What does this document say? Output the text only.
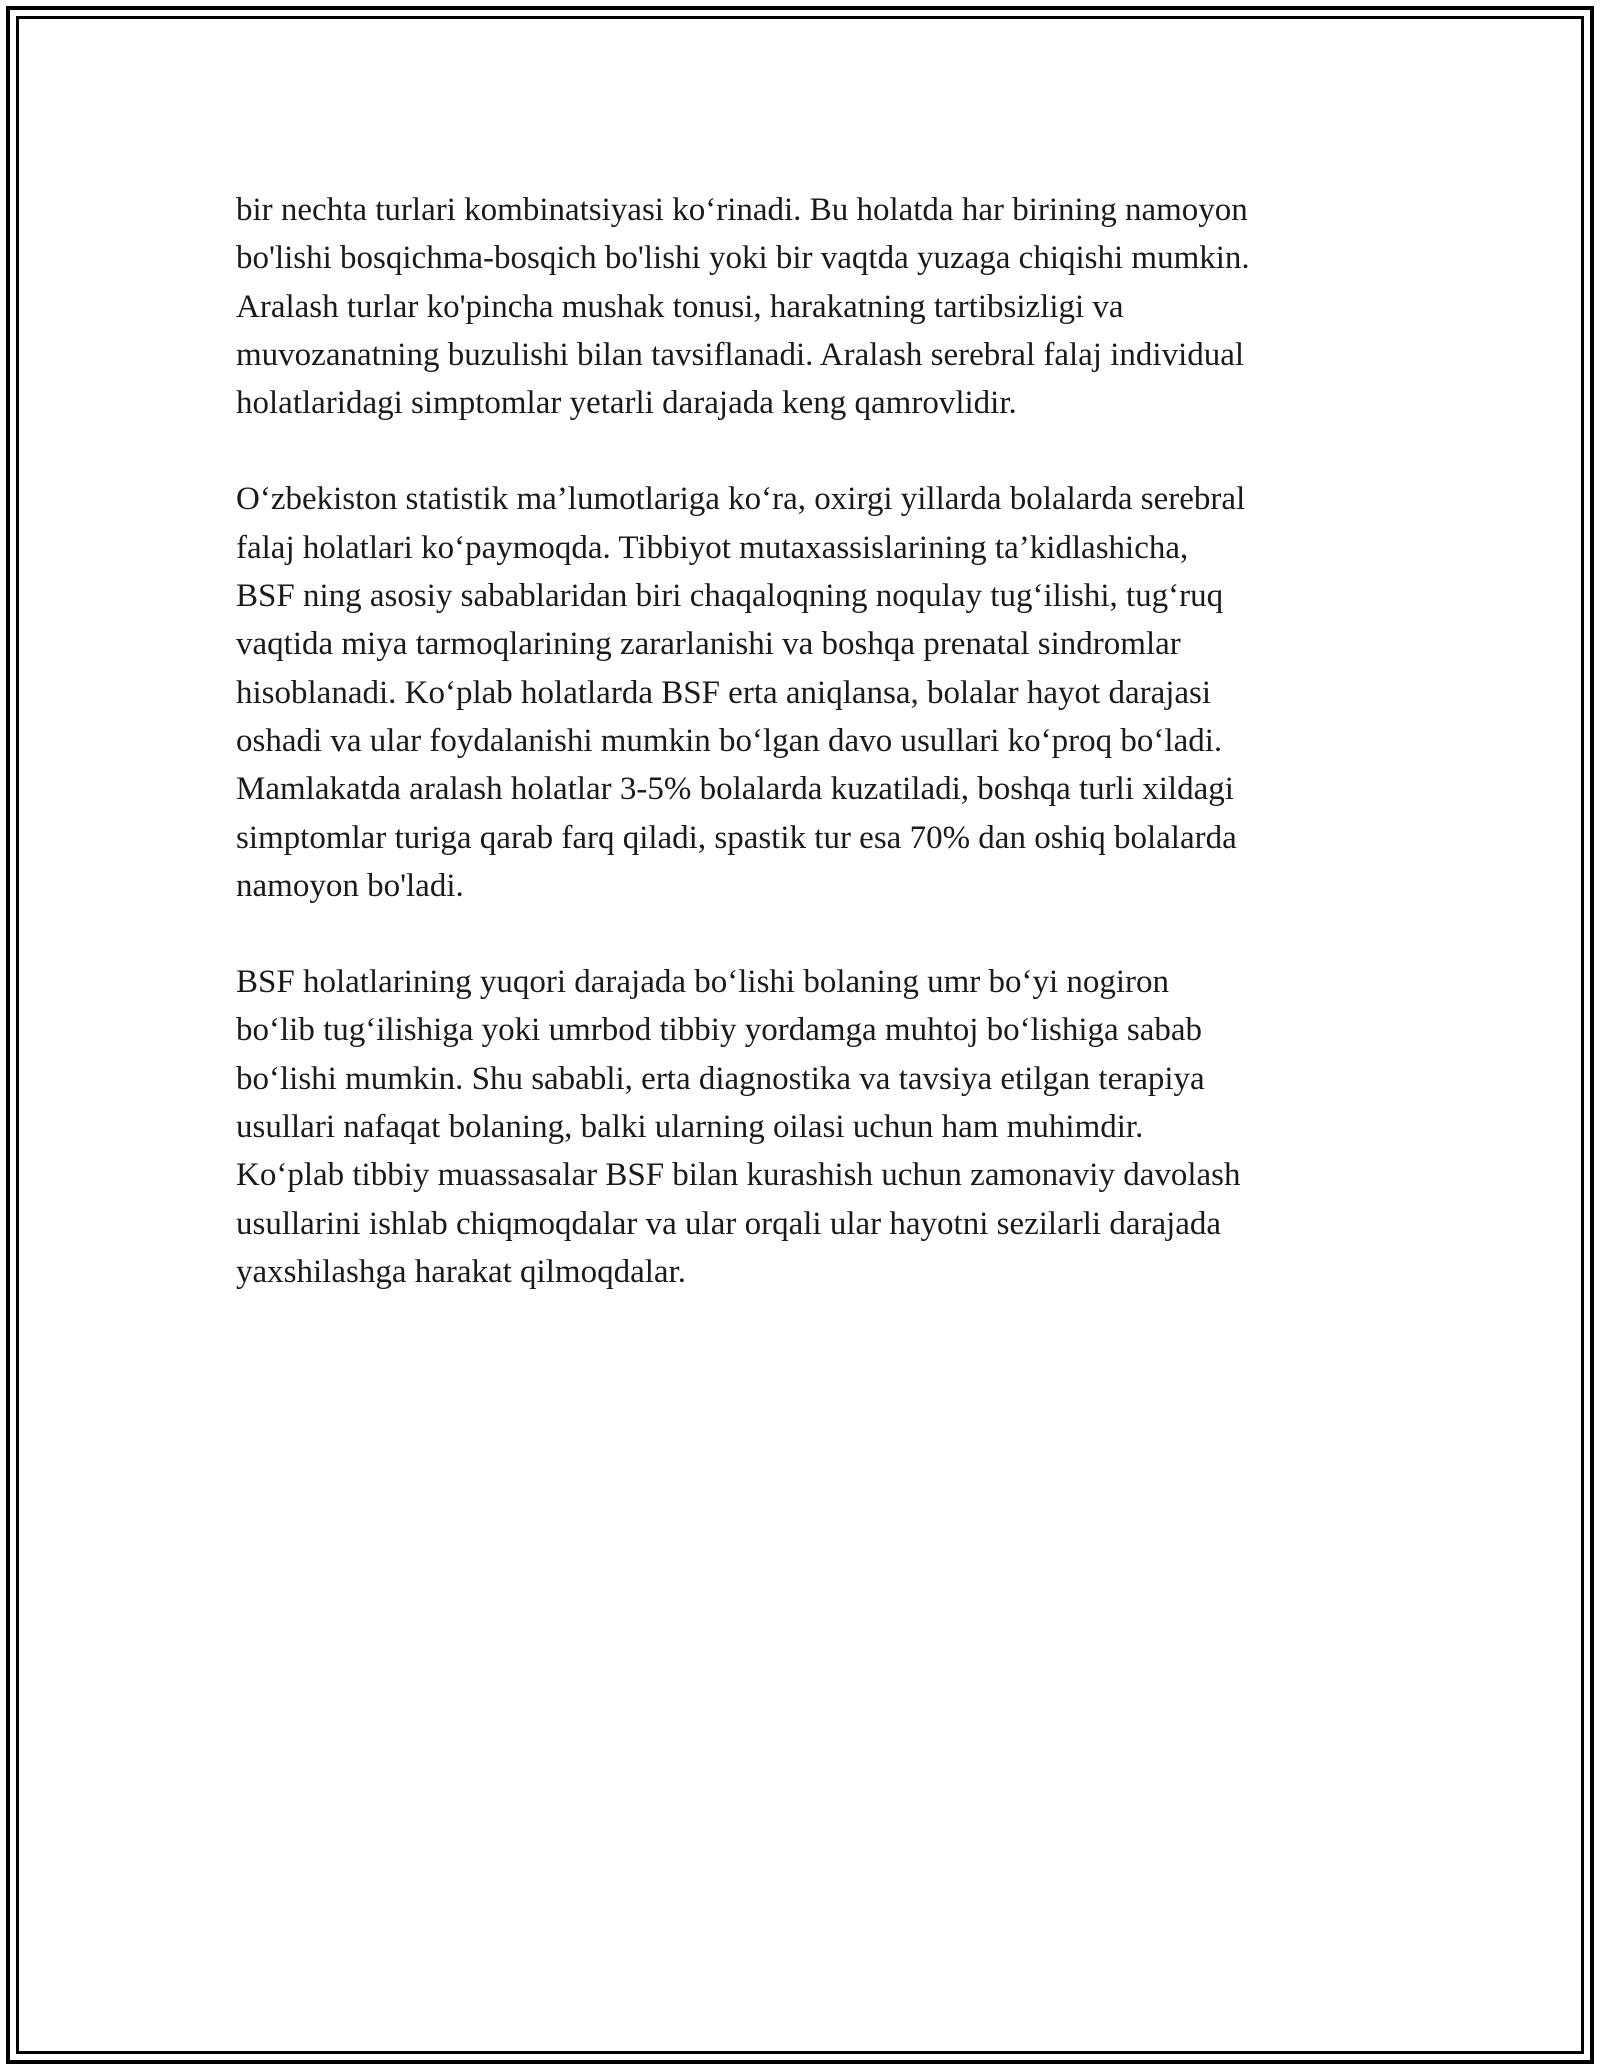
bir nechta turlari kombinatsiyasi ko‘rinadi. Bu holatda har birining namoyon
bo'lishi bosqichma-bosqich bo'lishi yoki bir vaqtda yuzaga chiqishi mumkin.
Aralash turlar ko'pincha mushak tonusi, harakatning tartibsizligi va
muvozanatning buzulishi bilan tavsiflanadi. Aralash serebral falaj individual
holatlaridagi simptomlar yetarli darajada keng qamrovlidir.

O‘zbekiston statistik ma’lumotlariga ko‘ra, oxirgi yillarda bolalarda serebral
falaj holatlari ko‘paymoqda. Tibbiyot mutaxassislarining ta’kidlashicha,
BSF ning asosiy sabablaridan biri chaqaloqning noqulay tug‘ilishi, tug‘ruq
vaqtida miya tarmoqlarining zararlanishi va boshqa prenatal sindromlar
hisoblanadi. Ko‘plab holatlarda BSF erta aniqlansa, bolalar hayot darajasi
oshadi va ular foydalanishi mumkin bo‘lgan davo usullari ko‘proq bo‘ladi.
Mamlakatda aralash holatlar 3-5% bolalarda kuzatiladi, boshqa turli xildagi
simptomlar turiga qarab farq qiladi, spastik tur esa 70% dan oshiq bolalarda
namoyon bo'ladi.

BSF holatlarining yuqori darajada bo‘lishi bolaning umr bo‘yi nogiron
bo‘lib tug‘ilishiga yoki umrbod tibbiy yordamga muhtoj bo‘lishiga sabab
bo‘lishi mumkin. Shu sababli, erta diagnostika va tavsiya etilgan terapiya
usullari nafaqat bolaning, balki ularning oilasi uchun ham muhimdir.
Ko‘plab tibbiy muassasalar BSF bilan kurashish uchun zamonaviy davolash
usullarini ishlab chiqmoqdalar va ular orqali ular hayotni sezilarli darajada
yaxshilashga harakat qilmoqdalar.
